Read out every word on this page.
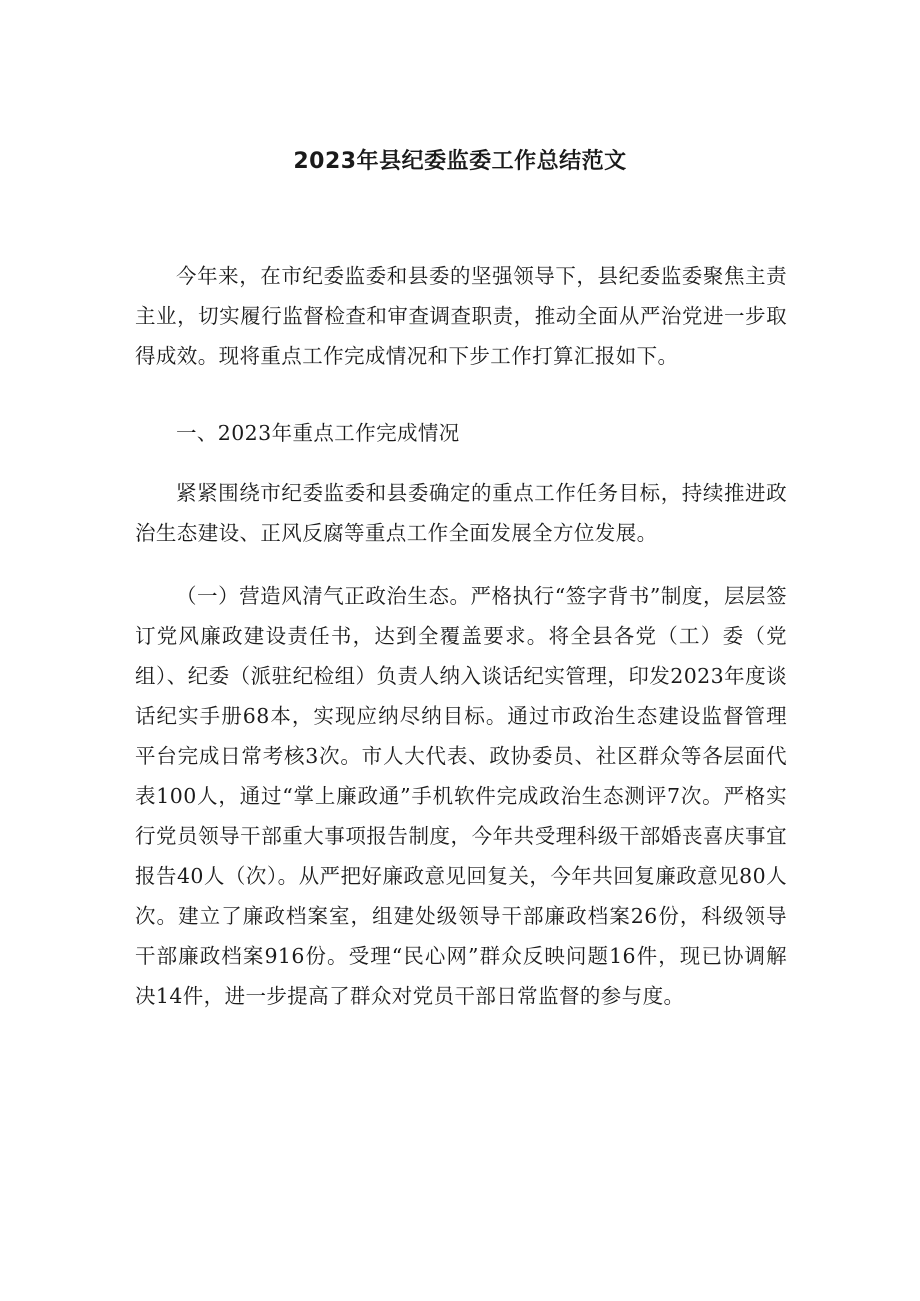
2023年县纪委监委工作总结范文
今年来，在市纪委监委和县委的坚强领导下，县纪委监委聚焦主责主业，切实履行监督检查和审查调查职责，推动全面从严治党进一步取得成效。现将重点工作完成情况和下步工作打算汇报如下。
一、2023年重点工作完成情况
紧紧围绕市纪委监委和县委确定的重点工作任务目标，持续推进政治生态建设、正风反腐等重点工作全面发展全方位发展。
（一）营造风清气正政治生态。严格执行“签字背书”制度，层层签订党风廉政建设责任书，达到全覆盖要求。将全县各党（工）委（党组）、纪委（派驻纪检组）负责人纳入谈话纪实管理，印发2023年度谈话纪实手册68本，实现应纳尽纳目标。通过市政治生态建设监督管理平台完成日常考核3次。市人大代表、政协委员、社区群众等各层面代表100人，通过“掌上廉政通”手机软件完成政治生态测评7次。严格实行党员领导干部重大事项报告制度，今年共受理科级干部婚丧喜庆事宜报告40人（次）。从严把好廉政意见回复关，今年共回复廉政意见80人次。建立了廉政档案室，组建处级领导干部廉政档案26份，科级领导干部廉政档案916份。受理“民心网”群众反映问题16件，现已协调解决14件，进一步提高了群众对党员干部日常监督的参与度。
